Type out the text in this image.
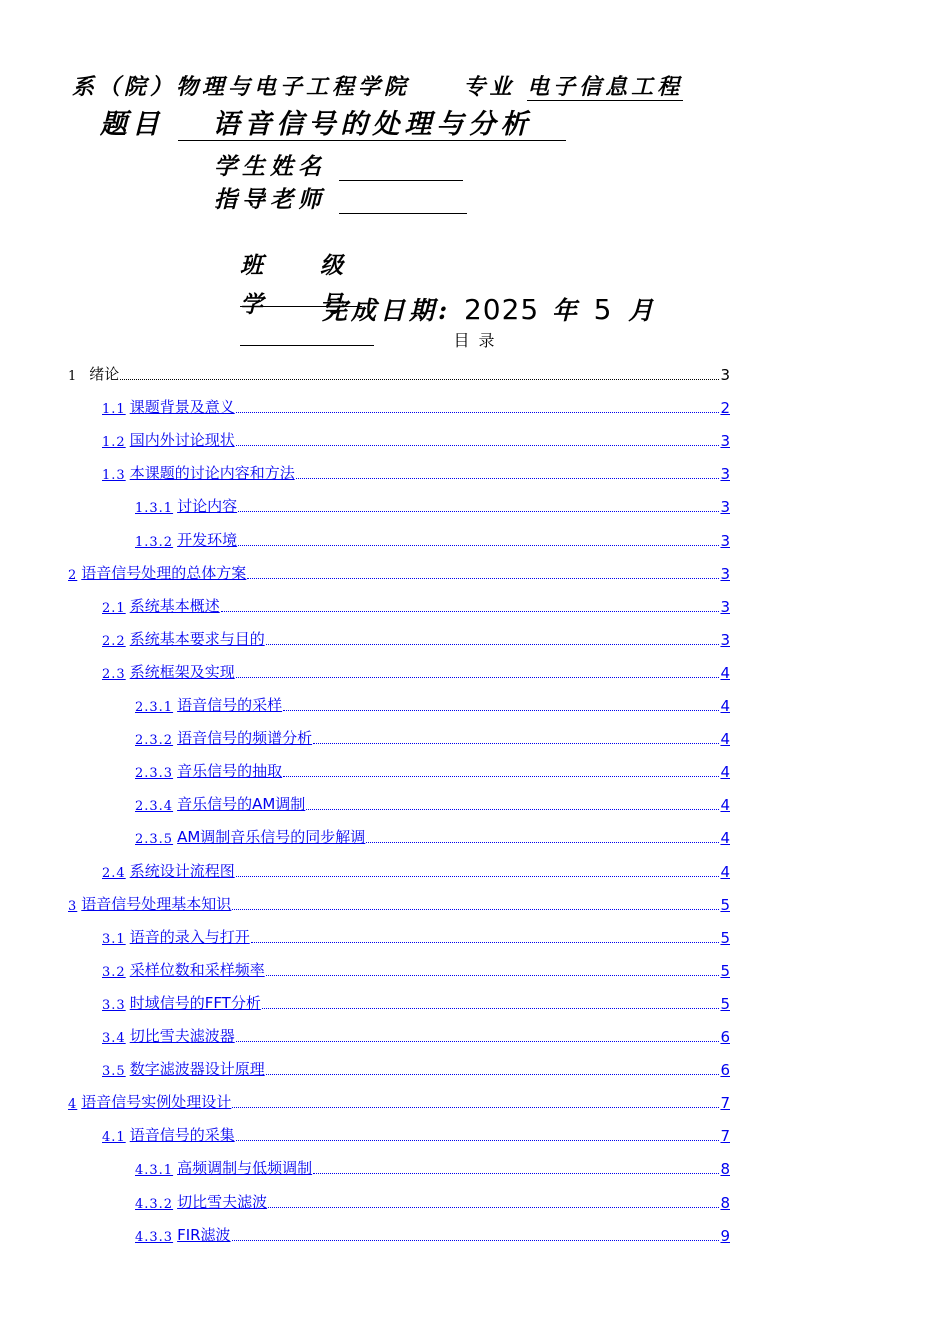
系（院）物理与电子工程学院 专业 电子信息工程
题目 语音信号的处理与分析
学生姓名
指导老师

班    级

学    号

完成日期: 2025 年 5 月
目 录
1 绪论	3
1.1 课题背景及意义	2
1.2 国内外讨论现状	3
1.3 本课题的讨论内容和方法	3
1.3.1 讨论内容	3
1.3.2 开发环境	3
2 语音信号处理的总体方案	3
2.1 系统基本概述	3
2.2 系统基本要求与目的	3
2.3 系统框架及实现	4
2.3.1 语音信号的采样	4
2.3.2 语音信号的频谱分析	4
2.3.3 音乐信号的抽取	4
2.3.4 音乐信号的AM调制	4
2.3.5 AM调制音乐信号的同步解调	4
2.4 系统设计流程图	4
3 语音信号处理基本知识	5
3.1 语音的录入与打开	5
3.2 采样位数和采样频率	5
3.3 时域信号的FFT分析	5
3.4 切比雪夫滤波器	6
3.5 数字滤波器设计原理	6
4 语音信号实例处理设计	7
4.1 语音信号的采集	7
4.3.1 高频调制与低频调制	8
4.3.2 切比雪夫滤波	8
4.3.3 FIR滤波	9
